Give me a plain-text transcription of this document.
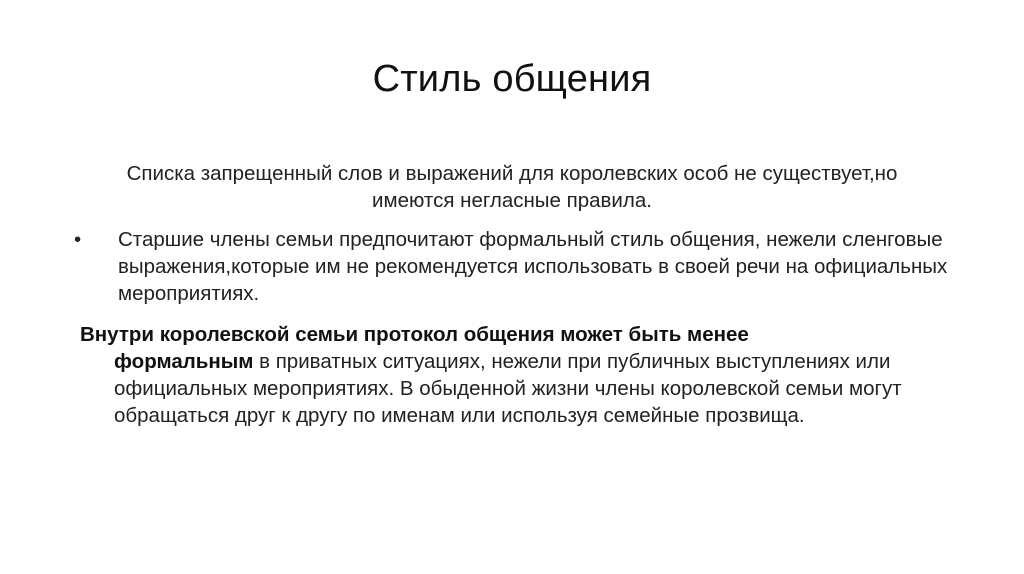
Стиль общения

Списка запрещенный слов и выражений для королевских особ не существует,но имеются негласные правила.

•	Старшие члены семьи предпочитают формальный стиль общения, нежели сленговые выражения,которые им не рекомендуется использовать в своей речи на официальных мероприятиях.

Внутри королевской семьи протокол общения может быть менее
формальным в приватных ситуациях, нежели при публичных выступлениях или официальных мероприятиях. В обыденной жизни члены королевской семьи могут обращаться друг к другу по именам или используя семейные прозвища.
